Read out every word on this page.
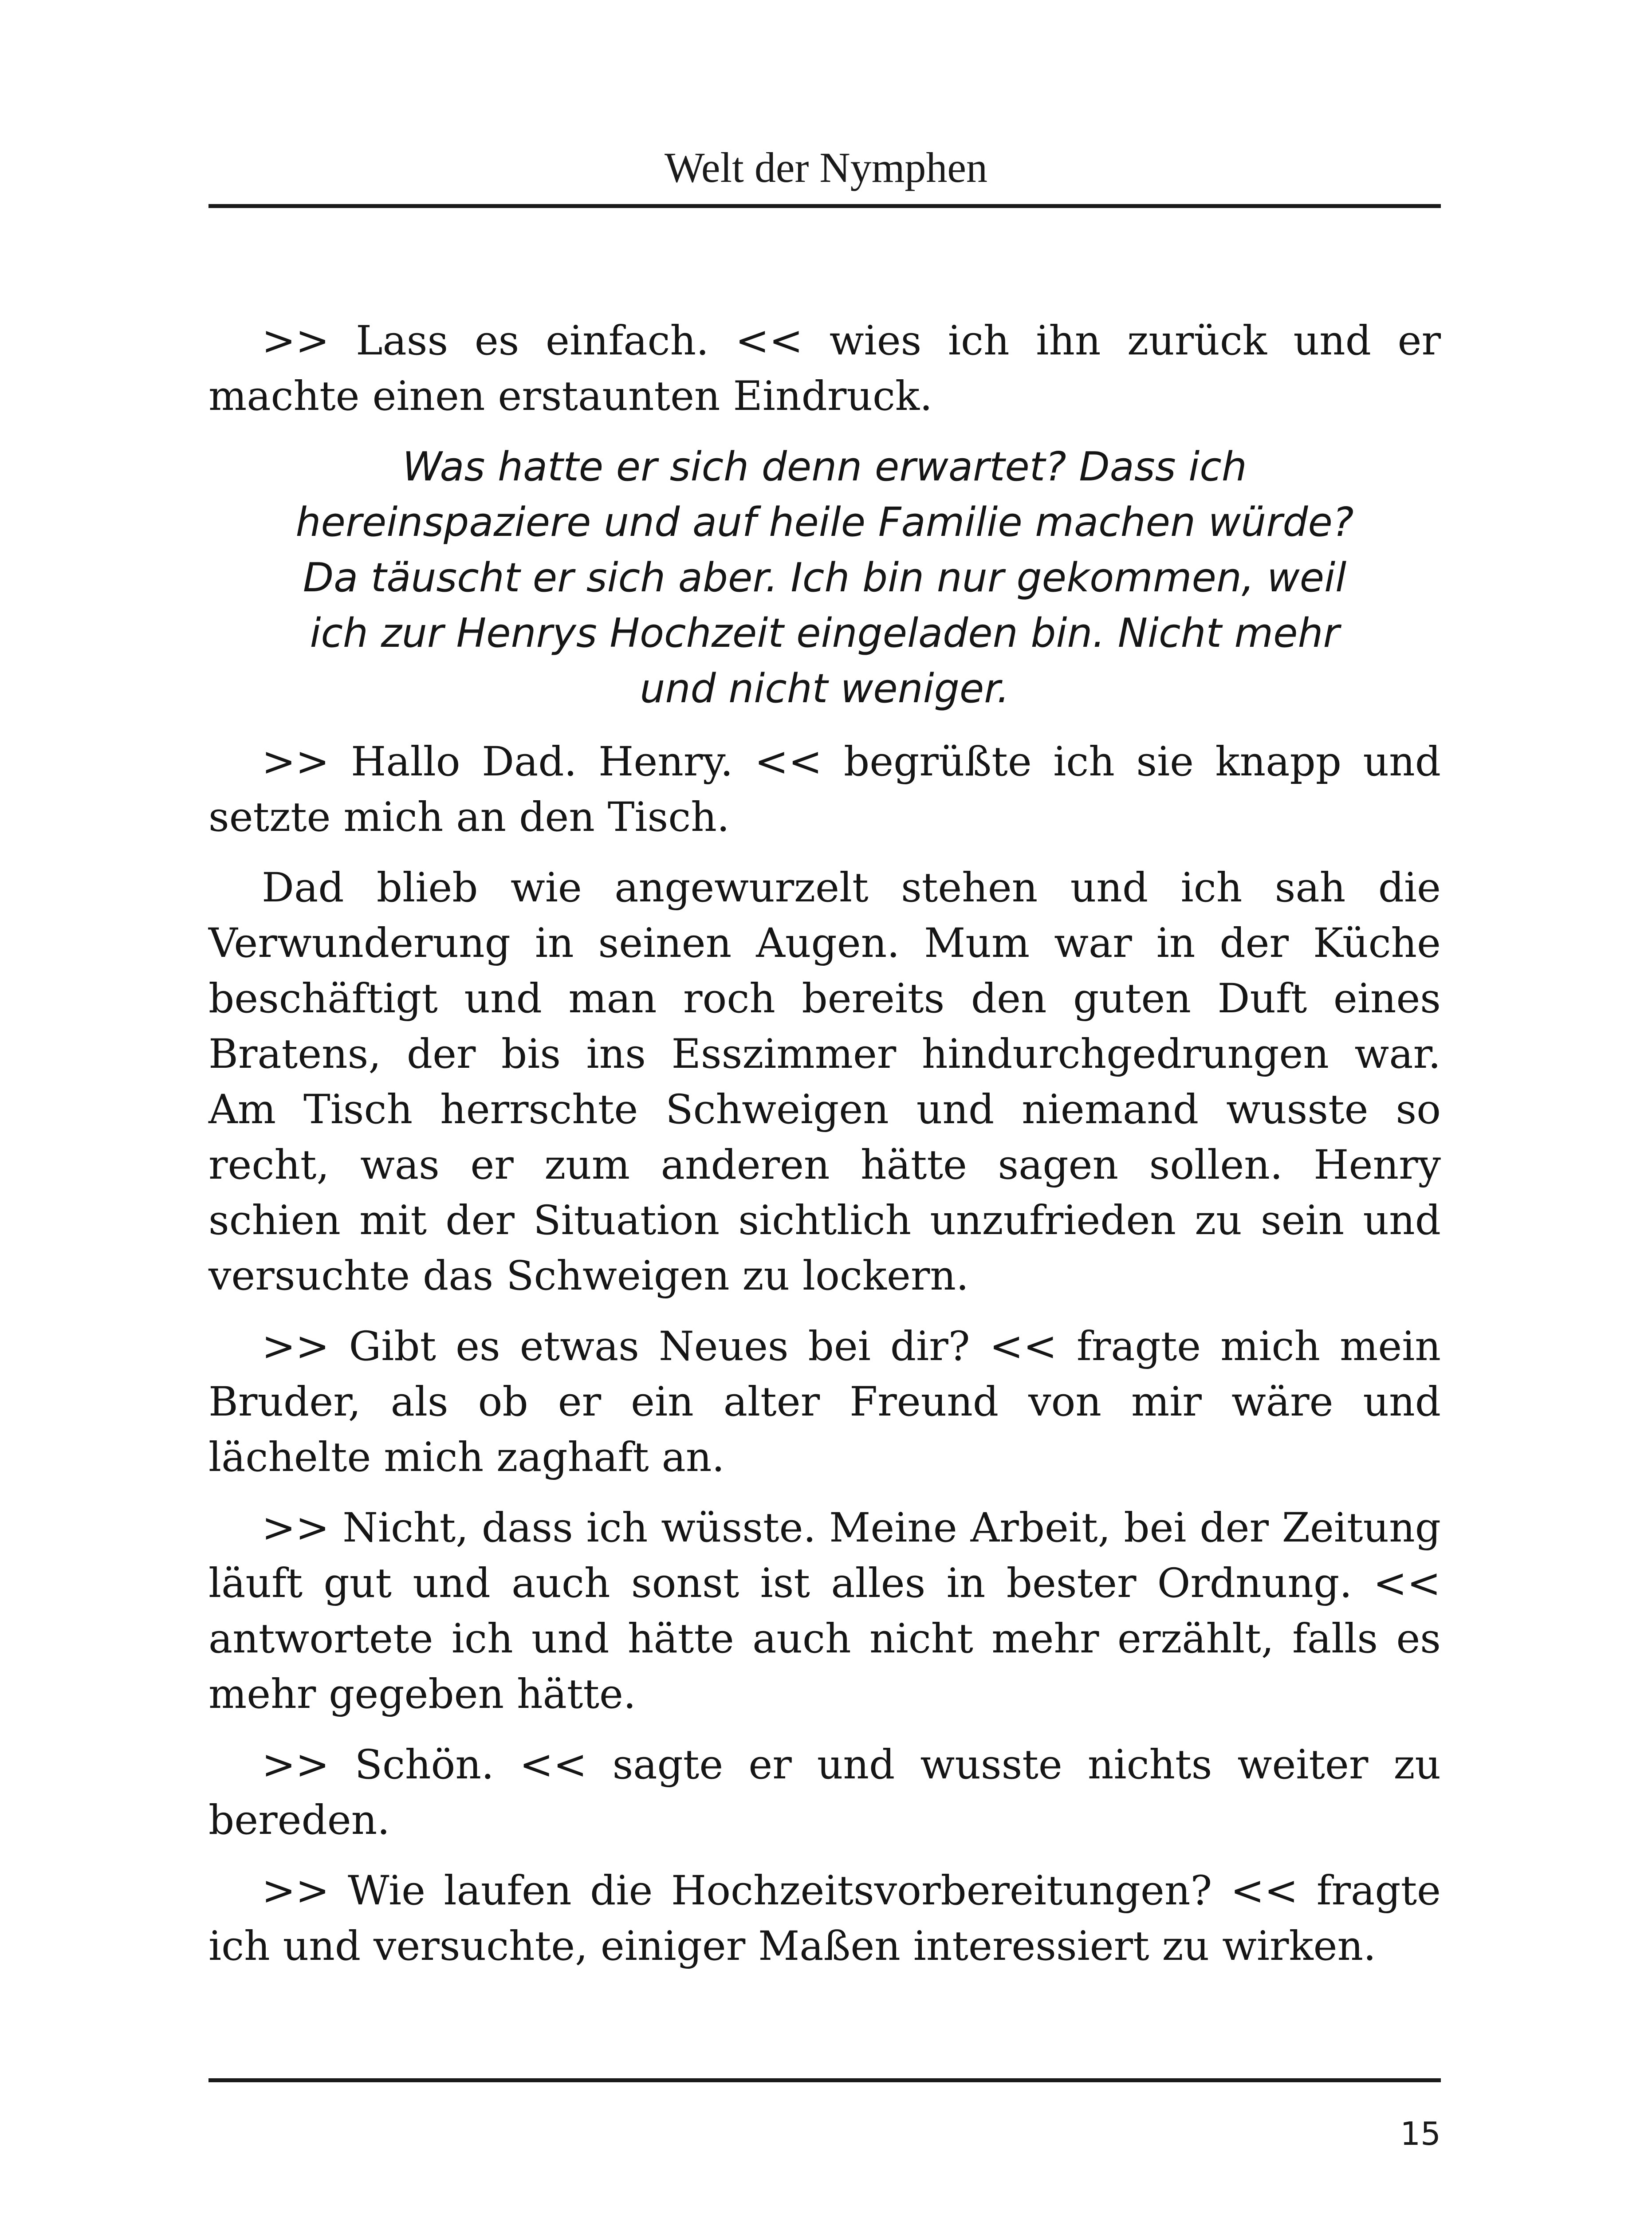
Welt der Nymphen

>> Lass es einfach. << wies ich ihn zurück und er machte einen erstaunten Eindruck.

Was hatte er sich denn erwartet? Dass ich hereinspaziere und auf heile Familie machen würde? Da täuscht er sich aber. Ich bin nur gekommen, weil ich zur Henrys Hochzeit eingeladen bin. Nicht mehr und nicht weniger.

>> Hallo Dad. Henry. << begrüßte ich sie knapp und setzte mich an den Tisch.

Dad blieb wie angewurzelt stehen und ich sah die Verwunderung in seinen Augen. Mum war in der Küche beschäftigt und man roch bereits den guten Duft eines Bratens, der bis ins Esszimmer hindurchgedrungen war. Am Tisch herrschte Schweigen und niemand wusste so recht, was er zum anderen hätte sagen sollen. Henry schien mit der Situation sichtlich unzufrieden zu sein und versuchte das Schweigen zu lockern.

>> Gibt es etwas Neues bei dir? << fragte mich mein Bruder, als ob er ein alter Freund von mir wäre und lächelte mich zaghaft an.

>> Nicht, dass ich wüsste. Meine Arbeit, bei der Zeitung läuft gut und auch sonst ist alles in bester Ordnung. << antwortete ich und hätte auch nicht mehr erzählt, falls es mehr gegeben hätte.

>> Schön. << sagte er und wusste nichts weiter zu bereden.

>> Wie laufen die Hochzeitsvorbereitungen? << fragte ich und versuchte, einiger Maßen interessiert zu wirken.

15
